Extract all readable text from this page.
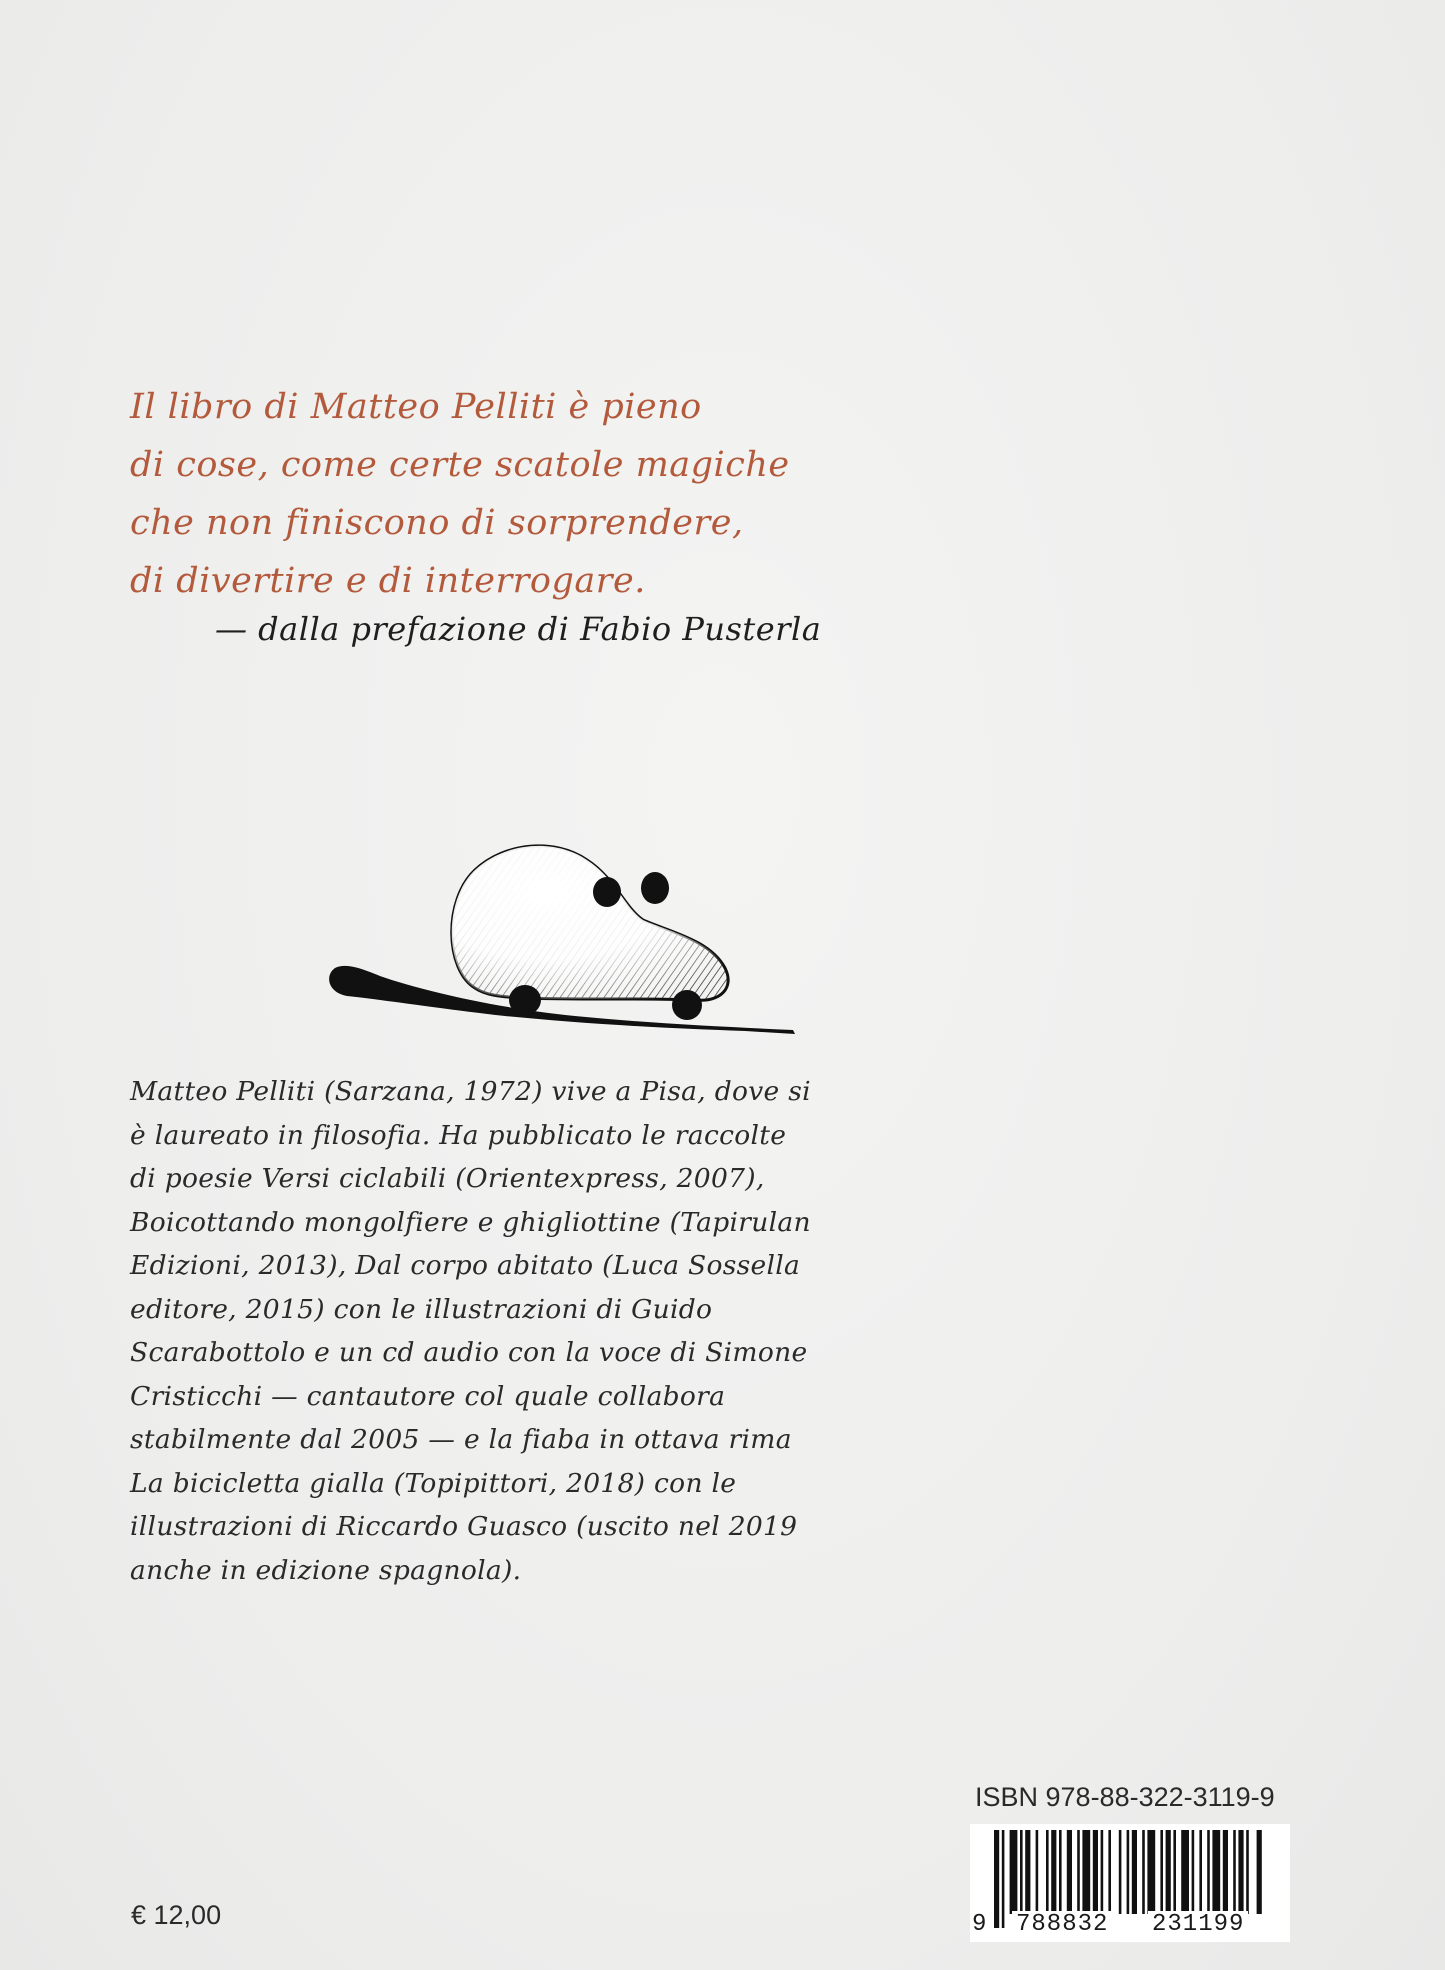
Il libro di Matteo Pelliti è pieno
di cose, come certe scatole magiche
che non finiscono di sorprendere,
di divertire e di interrogare.
— dalla prefazione di Fabio Pusterla
Matteo Pelliti (Sarzana, 1972) vive a Pisa, dove si
è laureato in filosofia. Ha pubblicato le raccolte
di poesie Versi ciclabili (Orientexpress, 2007),
Boicottando mongolfiere e ghigliottine (Tapirulan
Edizioni, 2013), Dal corpo abitato (Luca Sossella
editore, 2015) con le illustrazioni di Guido
Scarabottolo e un cd audio con la voce di Simone
Cristicchi — cantautore col quale collabora
stabilmente dal 2005 — e la fiaba in ottava rima
La bicicletta gialla (Topipittori, 2018) con le
illustrazioni di Riccardo Guasco (uscito nel 2019
anche in edizione spagnola).
€ 12,00
ISBN 978-88-322-3119-9
9 788832 231199
